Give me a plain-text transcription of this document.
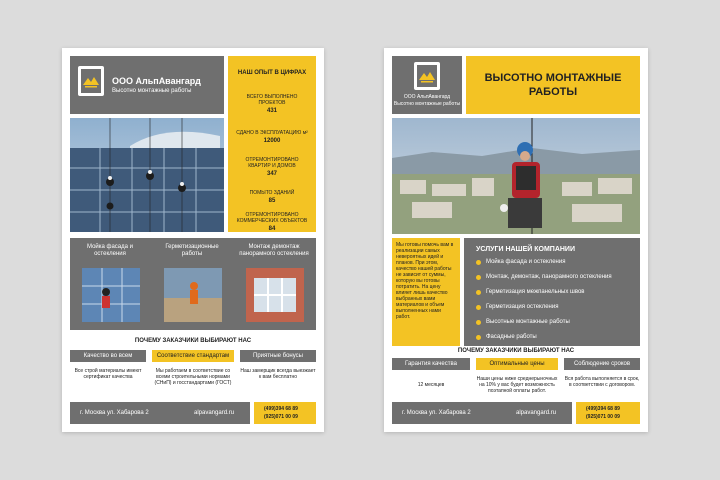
ООО АльпАвангард
Высотно монтажные работы
НАШ ОПЫТ В ЦИФРАХ
ВСЕГО ВЫПОЛНЕНО ПРОЕКТОВ
431
СДАНО В ЭКСПЛУАТАЦИЮ м²
12000
ОТРЕМОНТИРОВАНО КВАРТИР И ДОМОВ
347
ПОМЫТО ЗДАНИЙ
85
ОТРЕМОНТИРОВАНО КОММЕРЧЕСКИХ ОБЪЕКТОВ
84
Мойка фасада и остекления
Герметизационные работы
Монтаж демонтаж панорамного остекления
ПОЧЕМУ ЗАКАЗЧИКИ ВЫБИРАЮТ НАС
Качество во всем	Соответствие стандартам	Приятные бонусы
Все строй материалы имеют сертификат качества
Мы работаем в соответствие со всеми строительными нормами (СНиП) и госстандартами (ГОСТ)
Наш замерщик всегда выезжает к вам бесплатно
г. Москва ул. Хабарова 2	alpavangard.ru
(499)394 68 89
(925)071 00 09
ООО АльпАвангард
Высотно монтажные работы
ВЫСОТНО МОНТАЖНЫЕ
РАБОТЫ
Мы готовы помочь вам в реализации самых невероятных идей и планов. При этом, качество нашей работы не зависит от суммы, которую вы готовы потратить. На цену влияет лишь качество выбранных вами материалов и объем выполненных нами работ.
УСЛУГИ НАШЕЙ КОМПАНИИ
Мойка фасада и остекления
Монтаж, демонтаж, панорамного остекления
Герметизация межпанельных швов
Герметизация остекления
Высотные монтажные работы
Фасадные работы
ПОЧЕМУ ЗАКАЗЧИКИ ВЫБИРАЮТ НАС
Гарантия качества	Оптимальные цены	Соблюдение сроков
12 месяцев
Наши цены ниже среднерыночных на 10% у вас будет возможность поэтапной оплаты работ.
Вся работа выполняется в срок, в соответствии с договором.
г. Москва ул. Хабарова 2	alpavangard.ru
(499)394 68 89
(925)071 00 09
